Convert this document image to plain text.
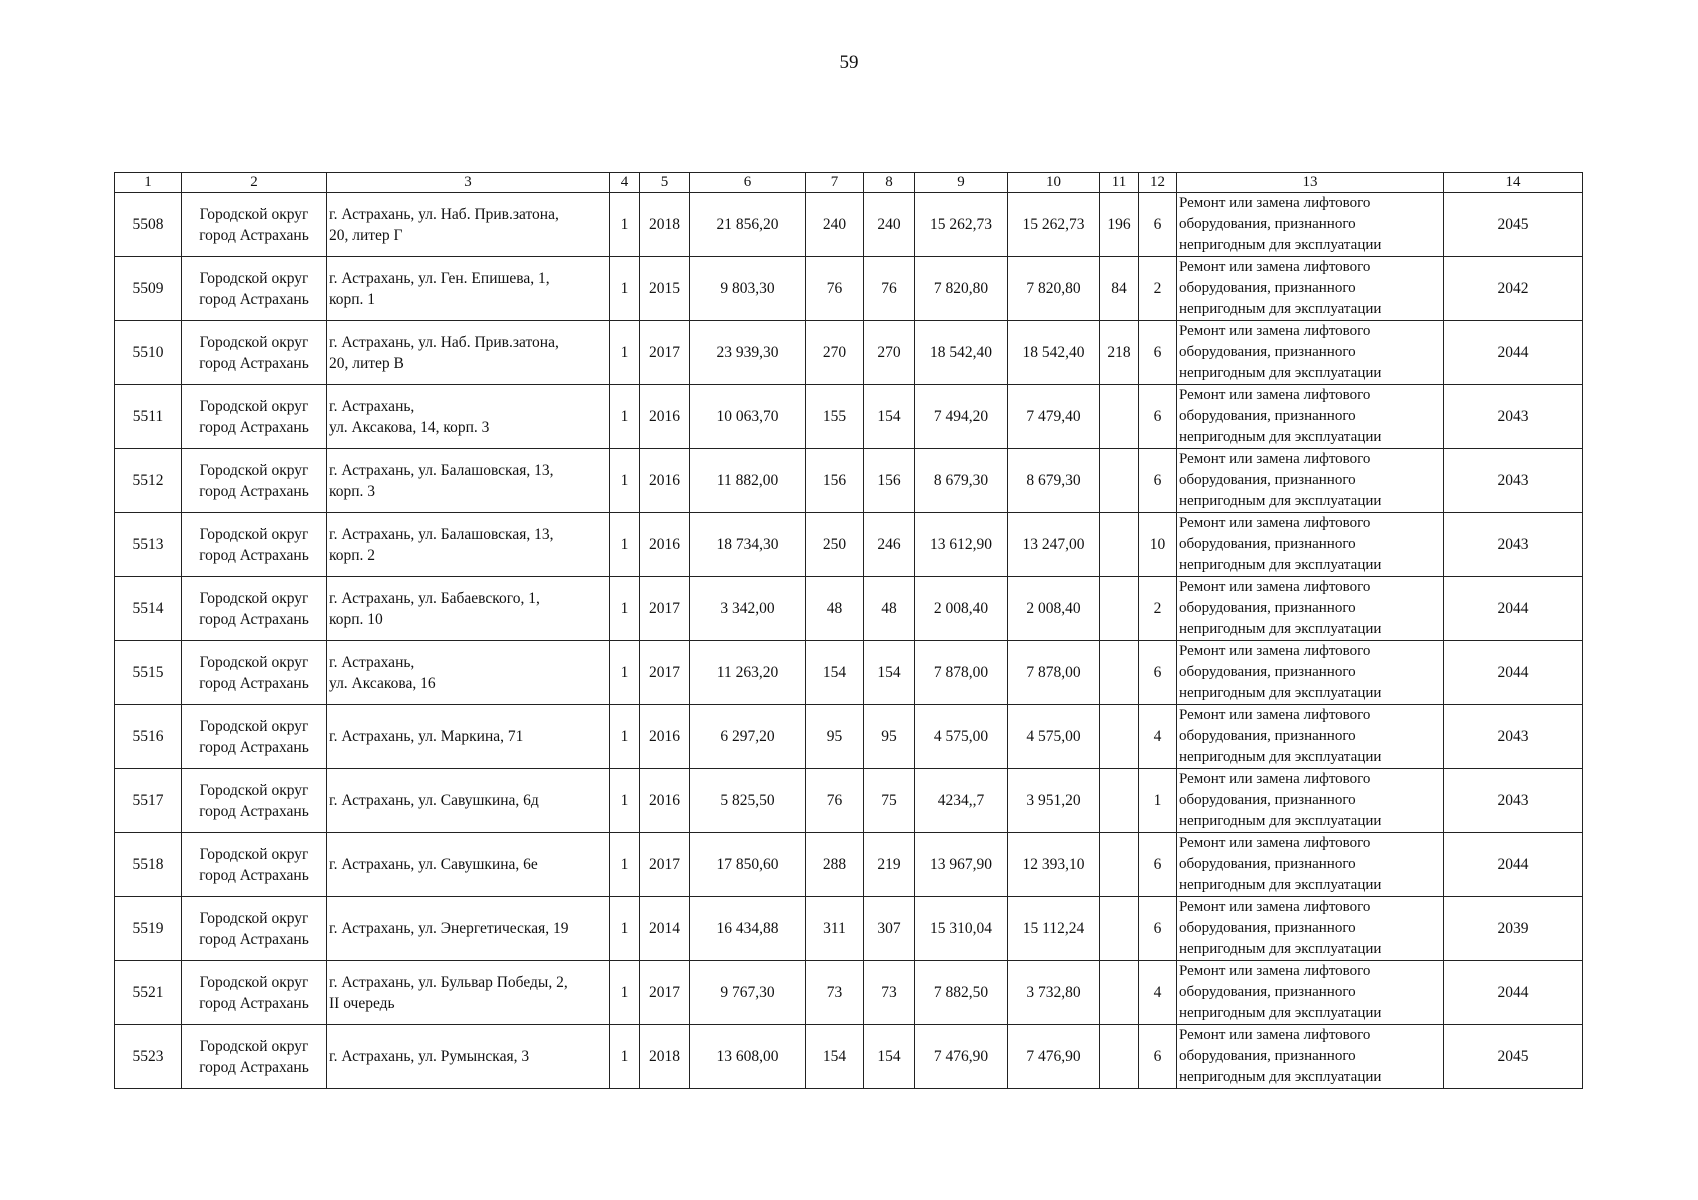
59
1	2	3	4	5	6	7	8	9	10	11	12	13	14
5508	Городской округ
город Астрахань	г. Астрахань, ул. Наб. Прив.затона,
20, литер Г	1	2018	21 856,20	240	240	15 262,73	15 262,73	196	6	Ремонт или замена лифтового
оборудования, признанного
непригодным для эксплуатации	2045
5509	Городской округ
город Астрахань	г. Астрахань, ул. Ген. Епишева, 1,
корп. 1	1	2015	9 803,30	76	76	7 820,80	7 820,80	84	2	Ремонт или замена лифтового
оборудования, признанного
непригодным для эксплуатации	2042
5510	Городской округ
город Астрахань	г. Астрахань, ул. Наб. Прив.затона,
20, литер В	1	2017	23 939,30	270	270	18 542,40	18 542,40	218	6	Ремонт или замена лифтового
оборудования, признанного
непригодным для эксплуатации	2044
5511	Городской округ
город Астрахань	г. Астрахань,
ул. Аксакова, 14, корп. 3	1	2016	10 063,70	155	154	7 494,20	7 479,40		6	Ремонт или замена лифтового
оборудования, признанного
непригодным для эксплуатации	2043
5512	Городской округ
город Астрахань	г. Астрахань, ул. Балашовская, 13,
корп. 3	1	2016	11 882,00	156	156	8 679,30	8 679,30		6	Ремонт или замена лифтового
оборудования, признанного
непригодным для эксплуатации	2043
5513	Городской округ
город Астрахань	г. Астрахань, ул. Балашовская, 13,
корп. 2	1	2016	18 734,30	250	246	13 612,90	13 247,00		10	Ремонт или замена лифтового
оборудования, признанного
непригодным для эксплуатации	2043
5514	Городской округ
город Астрахань	г. Астрахань, ул. Бабаевского, 1,
корп. 10	1	2017	3 342,00	48	48	2 008,40	2 008,40		2	Ремонт или замена лифтового
оборудования, признанного
непригодным для эксплуатации	2044
5515	Городской округ
город Астрахань	г. Астрахань,
ул. Аксакова, 16	1	2017	11 263,20	154	154	7 878,00	7 878,00		6	Ремонт или замена лифтового
оборудования, признанного
непригодным для эксплуатации	2044
5516	Городской округ
город Астрахань	г. Астрахань, ул. Маркина, 71	1	2016	6 297,20	95	95	4 575,00	4 575,00		4	Ремонт или замена лифтового
оборудования, признанного
непригодным для эксплуатации	2043
5517	Городской округ
город Астрахань	г. Астрахань, ул. Савушкина, 6д	1	2016	5 825,50	76	75	4234,,7	3 951,20		1	Ремонт или замена лифтового
оборудования, признанного
непригодным для эксплуатации	2043
5518	Городской округ
город Астрахань	г. Астрахань, ул. Савушкина, 6е	1	2017	17 850,60	288	219	13 967,90	12 393,10		6	Ремонт или замена лифтового
оборудования, признанного
непригодным для эксплуатации	2044
5519	Городской округ
город Астрахань	г. Астрахань, ул. Энергетическая, 19	1	2014	16 434,88	311	307	15 310,04	15 112,24		6	Ремонт или замена лифтового
оборудования, признанного
непригодным для эксплуатации	2039
5521	Городской округ
город Астрахань	г. Астрахань, ул. Бульвар Победы, 2,
II очередь	1	2017	9 767,30	73	73	7 882,50	3 732,80		4	Ремонт или замена лифтового
оборудования, признанного
непригодным для эксплуатации	2044
5523	Городской округ
город Астрахань	г. Астрахань, ул. Румынская, 3	1	2018	13 608,00	154	154	7 476,90	7 476,90		6	Ремонт или замена лифтового
оборудования, признанного
непригодным для эксплуатации	2045
